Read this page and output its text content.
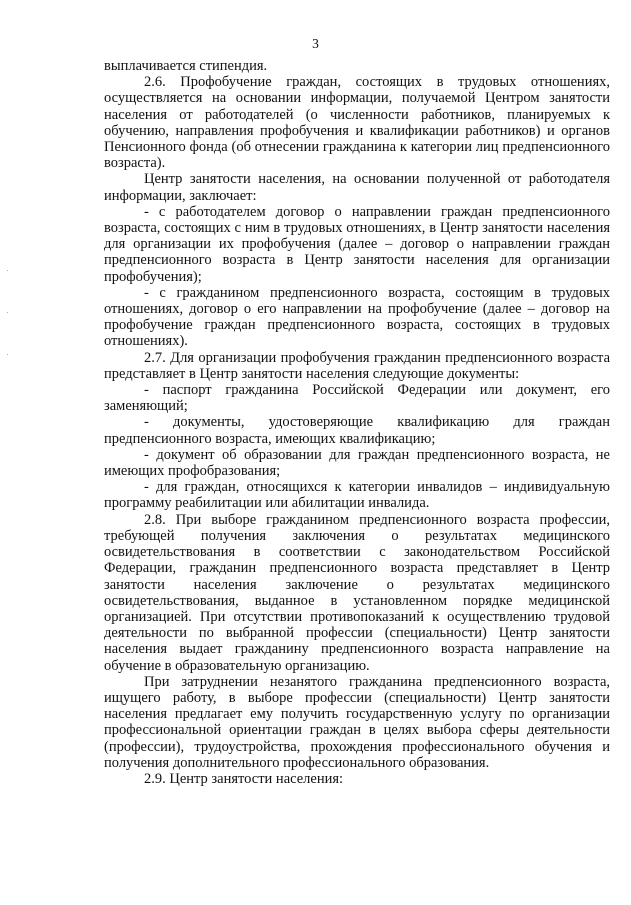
3

выплачивается стипендия.

2.6. Профобучение граждан, состоящих в трудовых отношениях, осуществляется на основании информации, получаемой Центром занятости населения от работодателей (о численности работников, планируемых к обучению, направления профобучения и квалификации работников) и органов Пенсионного фонда (об отнесении гражданина к категории лиц предпенсионного возраста).

Центр занятости населения, на основании полученной от работодателя информации, заключает:

- с работодателем договор о направлении граждан предпенсионного возраста, состоящих с ним в трудовых отношениях, в Центр занятости населения для организации их профобучения (далее – договор о направлении граждан предпенсионного возраста в Центр занятости населения для организации профобучения);

- с гражданином предпенсионного возраста, состоящим в трудовых отношениях, договор о его направлении на профобучение (далее – договор на профобучение граждан предпенсионного возраста, состоящих в трудовых отношениях).

2.7. Для организации профобучения гражданин предпенсионного возраста представляет в Центр занятости населения следующие документы:

- паспорт гражданина Российской Федерации или документ, его заменяющий;

- документы, удостоверяющие квалификацию для граждан предпенсионного возраста, имеющих квалификацию;

- документ об образовании для граждан предпенсионного возраста, не имеющих профобразования;

- для граждан, относящихся к категории инвалидов – индивидуальную программу реабилитации или абилитации инвалида.

2.8. При выборе гражданином предпенсионного возраста профессии, требующей получения заключения о результатах медицинского освидетельствования в соответствии с законодательством Российской Федерации, гражданин предпенсионного возраста представляет в Центр занятости населения заключение о результатах медицинского освидетельствования, выданное в установленном порядке медицинской организацией. При отсутствии противопоказаний к осуществлению трудовой деятельности по выбранной профессии (специальности) Центр занятости населения выдает гражданину предпенсионного возраста направление на обучение в образовательную организацию.

При затруднении незанятого гражданина предпенсионного возраста, ищущего работу, в выборе профессии (специальности) Центр занятости населения предлагает ему получить государственную услугу по организации профессиональной ориентации граждан в целях выбора сферы деятельности (профессии), трудоустройства, прохождения профессионального обучения и получения дополнительного профессионального образования.

2.9. Центр занятости населения:
